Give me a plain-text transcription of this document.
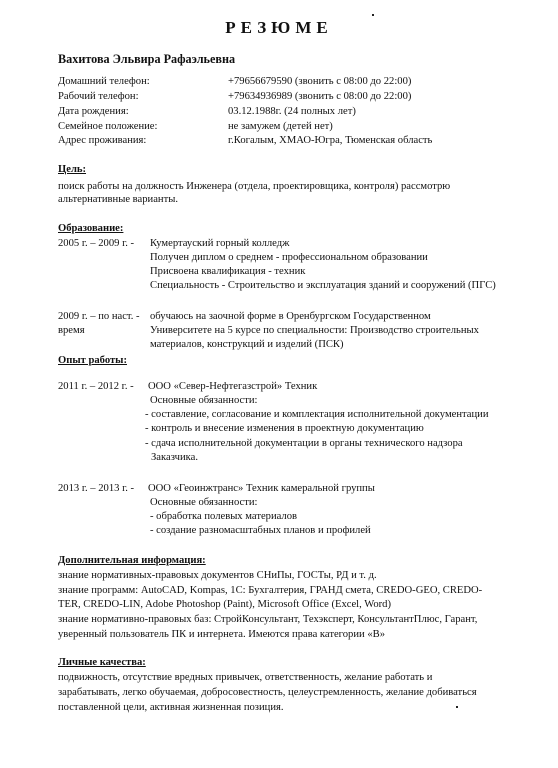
РЕЗЮМЕ
Вахитова Эльвира Рафаэльевна
Домашний телефон:	+79656679590 (звонить с 08:00 до 22:00)
Рабочий телефон:	+79634936989 (звонить с 08:00 до 22:00)
Дата рождения:	03.12.1988г. (24 полных лет)
Семейное положение:	не замужем (детей нет)
Адрес проживания:	г.Когалым, ХМАО-Югра, Тюменская область
Цель:
поиск работы на должность Инженера (отдела, проектировщика, контроля) рассмотрю
альтернативные варианты.
Образование:
2005 г. – 2009 г. - Кумертауский горный колледж
Получен диплом о среднем - профессиональном образовании
Присвоена квалификация - техник
Специальность - Строительство и эксплуатация зданий и сооружений (ПГС)
2009 г. – по наст. -
время
обучаюсь на заочной форме в Оренбургском Государственном
Университете на 5 курсе по специальности: Производство строительных
материалов, конструкций и изделий (ПСК)
Опыт работы:
2011 г. – 2012 г. - ООО «Север-Нефтегазстрой» Техник
Основные обязанности:
- составление, согласование и комплектация исполнительной документации
- контроль и внесение изменения в проектную документацию
- сдача исполнительной документации в органы технического надзора
Заказчика.
2013 г. – 2013 г. - ООО «Геоинжтранс» Техник камеральной группы
Основные обязанности:
- обработка полевых материалов
- создание разномасштабных планов и профилей
Дополнительная информация:
знание нормативных-правовых документов СНиПы, ГОСТы, РД и т. д.
знание программ: AutoCAD, Kompas, 1С: Бухгалтерия, ГРАНД смета, CREDO-GEO, CREDO-
TER, CREDO-LIN, Adobe Photoshop (Paint), Microsoft Office (Excel, Word)
знание нормативно-правовых баз: СтройКонсультант, Техэксперт, КонсультантПлюс, Гарант,
уверенный пользователь ПК и интернета. Имеются права категории «В»
Личные качества:
подвижность, отсутствие вредных привычек, ответственность, желание работать и
зарабатывать, легко обучаемая, добросовестность, целеустремленность, желание добиваться
поставленной цели, активная жизненная позиция.
